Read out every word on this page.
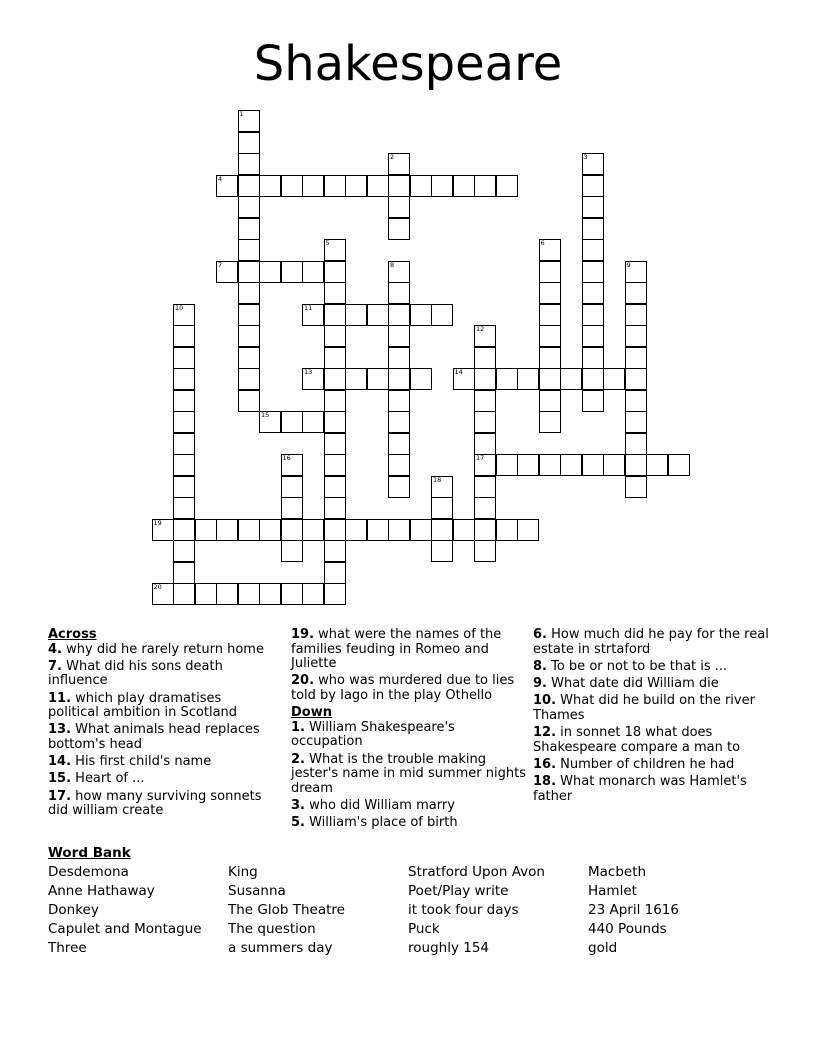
Shakespeare
1
2	3
4
5	6
7	8	9
10	11
12
17
13	14
15
16
18
19
20
Across
4. why did he rarely return home
7. What did his sons death influence
11. which play dramatises political ambition in Scotland
13. What animals head replaces bottom's head
14. His first child's name
15. Heart of ...
17. how many surviving sonnets did william create
19. what were the names of the families feuding in Romeo and Juliette
20. who was murdered due to lies told by Iago in the play Othello
Down
1. William Shakespeare's occupation
2. What is the trouble making jester's name in mid summer nights dream
3. who did William marry
5. William's place of birth
6. How much did he pay for the real estate in strtaford
8. To be or not to be that is ...
9. What date did William die
10. What did he build on the river Thames
12. in sonnet 18 what does Shakespeare compare a man to
16. Number of children he had
18. What monarch was Hamlet's father
Word Bank
Desdemona	King	Stratford Upon Avon	Macbeth
Anne Hathaway	Susanna	Poet/Play write	Hamlet
Donkey	The Glob Theatre	it took four days	23 April 1616
Capulet and Montague	The question	Puck	440 Pounds
Three	a summers day	roughly 154	gold
